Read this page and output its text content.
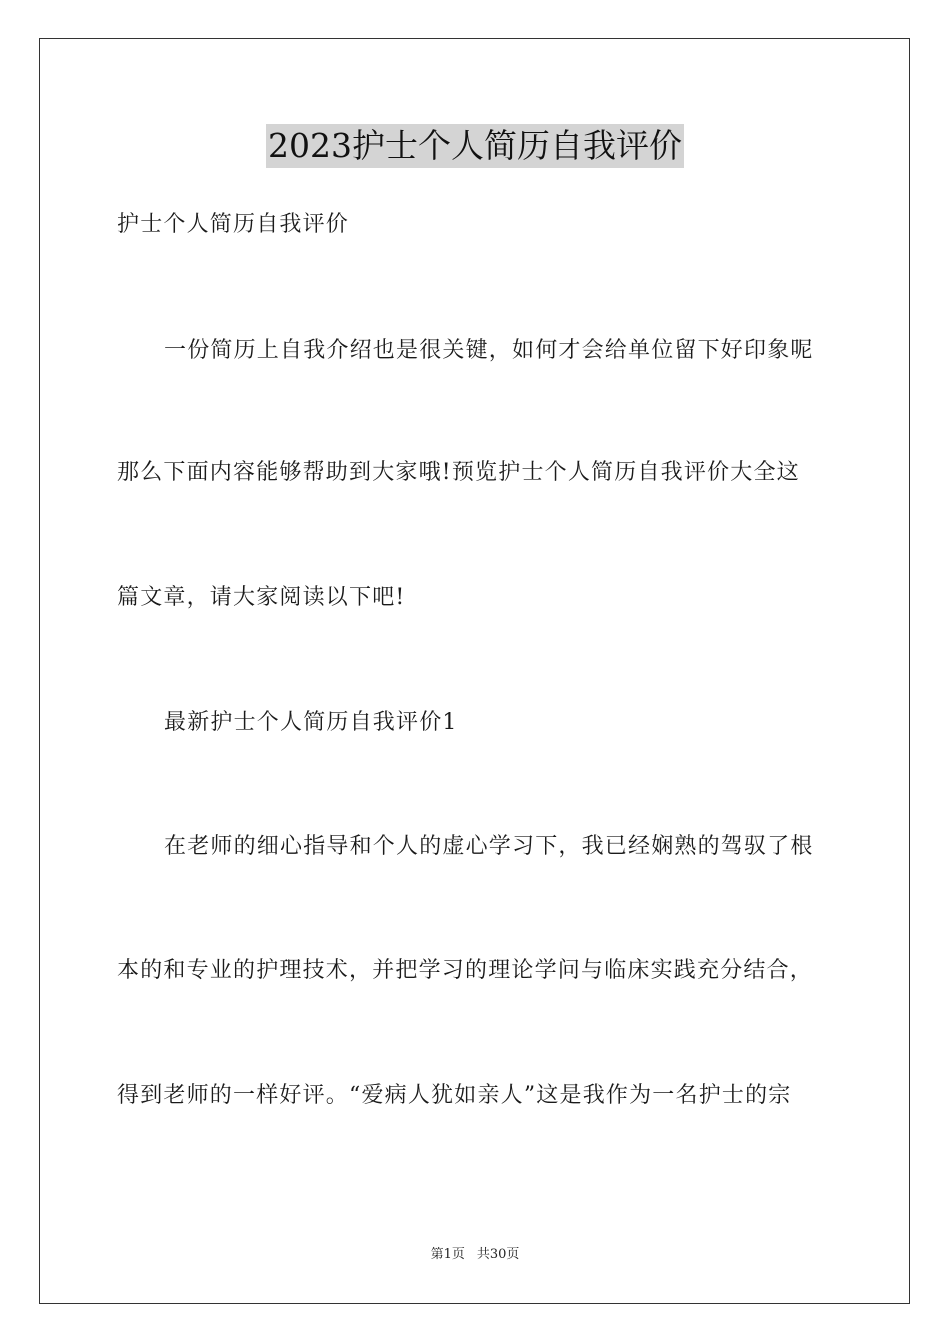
2023护士个人简历自我评价
护士个人简历自我评价
一份简历上自我介绍也是很关键，如何才会给单位留下好印象呢
那么下面内容能够帮助到大家哦!预览护士个人简历自我评价大全这
篇文章，请大家阅读以下吧!
最新护士个人简历自我评价1
在老师的细心指导和个人的虚心学习下，我已经娴熟的驾驭了根
本的和专业的护理技术，并把学习的理论学问与临床实践充分结合，
得到老师的一样好评。“爱病人犹如亲人”这是我作为一名护士的宗
第1页 共30页
